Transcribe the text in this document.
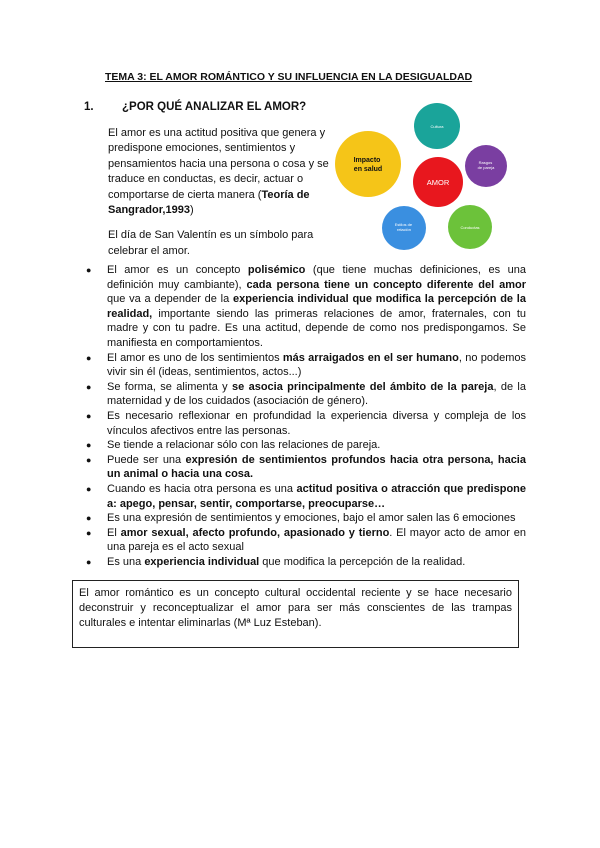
TEMA 3: EL AMOR ROMÁNTICO Y SU INFLUENCIA EN LA DESIGUALDAD
1. ¿POR QUÉ ANALIZAR EL AMOR?

El amor es una actitud positiva que genera y predispone emociones, sentimientos y pensamientos hacia una persona o cosa y se traduce en conductas, es decir, actuar o comportarse de cierta manera (Teoría de Sangrador,1993)

El día de San Valentín es un símbolo para celebrar el amor.

AMOR
Impacto en salud
Cultura
Rasgos de pareja
Conductas
Estilos de relación
● El amor es un concepto polisémico (que tiene muchas definiciones, es una definición muy cambiante), cada persona tiene un concepto diferente del amor que va a depender de la experiencia individual que modifica la percepción de la realidad, importante siendo las primeras relaciones de amor, fraternales, con tu madre y con tu padre. Es una actitud, depende de como nos predispongamos. Se manifiesta en comportamientos.
● El amor es uno de los sentimientos más arraigados en el ser humano, no podemos vivir sin él (ideas, sentimientos, actos...)
● Se forma, se alimenta y se asocia principalmente del ámbito de la pareja, de la maternidad y de los cuidados (asociación de género).
● Es necesario reflexionar en profundidad la experiencia diversa y compleja de los vínculos afectivos entre las personas.
● Se tiende a relacionar sólo con las relaciones de pareja.
● Puede ser una expresión de sentimientos profundos hacia otra persona, hacia un animal o hacia una cosa.
● Cuando es hacia otra persona es una actitud positiva o atracción que predispone a: apego, pensar, sentir, comportarse, preocuparse…
● Es una expresión de sentimientos y emociones, bajo el amor salen las 6 emociones
● El amor sexual, afecto profundo, apasionado y tierno. El mayor acto de amor en una pareja es el acto sexual
● Es una experiencia individual que modifica la percepción de la realidad.
El amor romántico es un concepto cultural occidental reciente y se hace necesario deconstruir y reconceptualizar el amor para ser más conscientes de las trampas culturales e intentar eliminarlas (Mª Luz Esteban).
